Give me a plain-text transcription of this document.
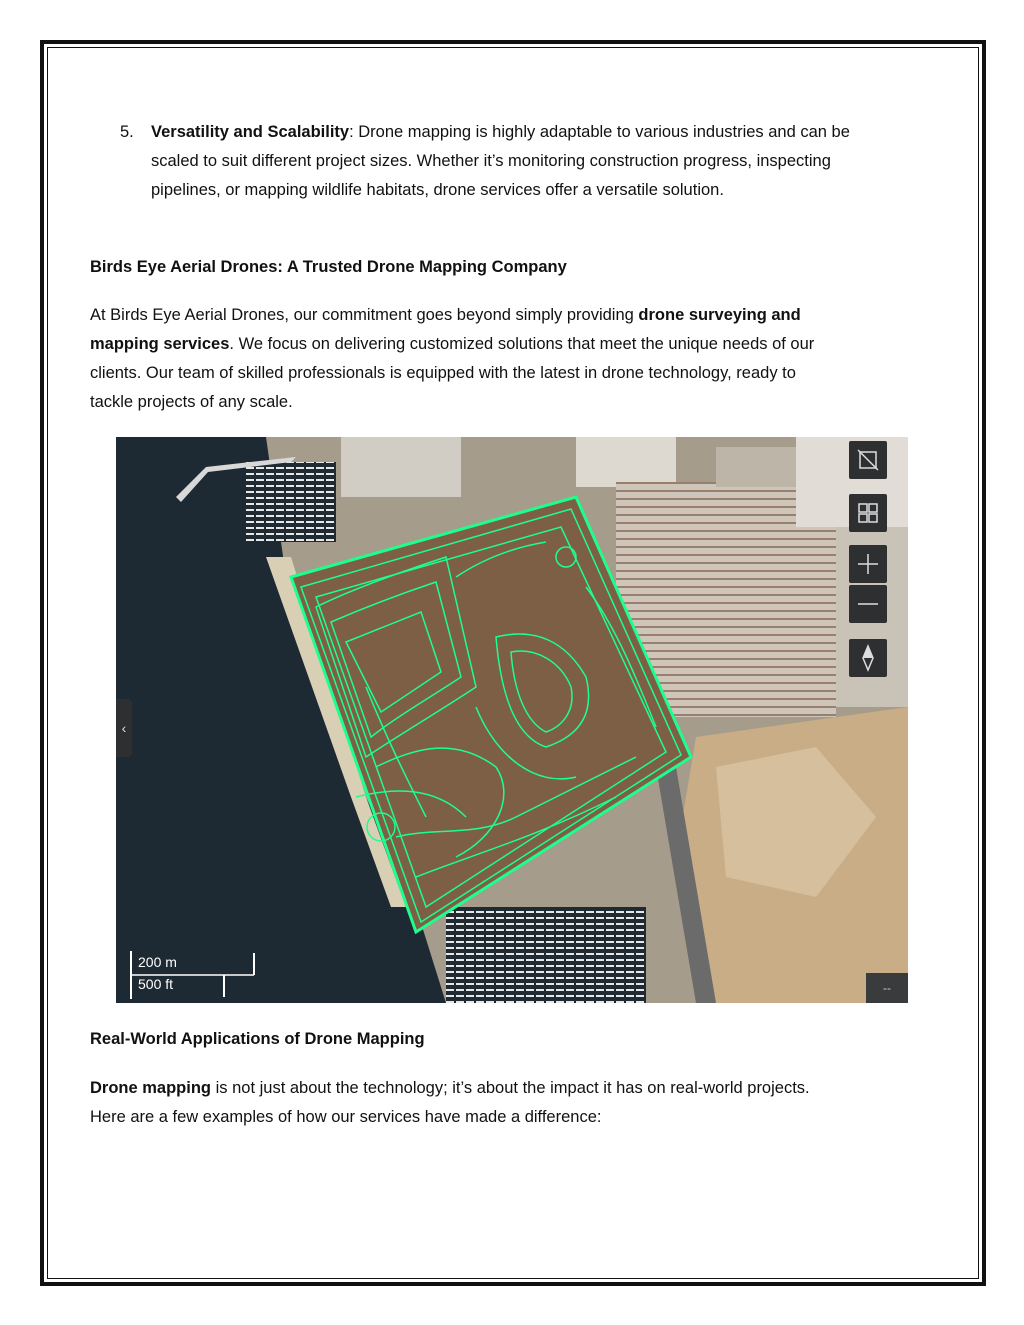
5. Versatility and Scalability: Drone mapping is highly adaptable to various industries and can be
scaled to suit different project sizes. Whether it’s monitoring construction progress, inspecting
pipelines, or mapping wildlife habitats, drone services offer a versatile solution.
Birds Eye Aerial Drones: A Trusted Drone Mapping Company
At Birds Eye Aerial Drones, our commitment goes beyond simply providing drone surveying and
mapping services. We focus on delivering customized solutions that meet the unique needs of our
clients. Our team of skilled professionals is equipped with the latest in drone technology, ready to
tackle projects of any scale.
‹
200 m
500 ft	--
Real-World Applications of Drone Mapping
Drone mapping is not just about the technology; it’s about the impact it has on real-world projects.
Here are a few examples of how our services have made a difference:
